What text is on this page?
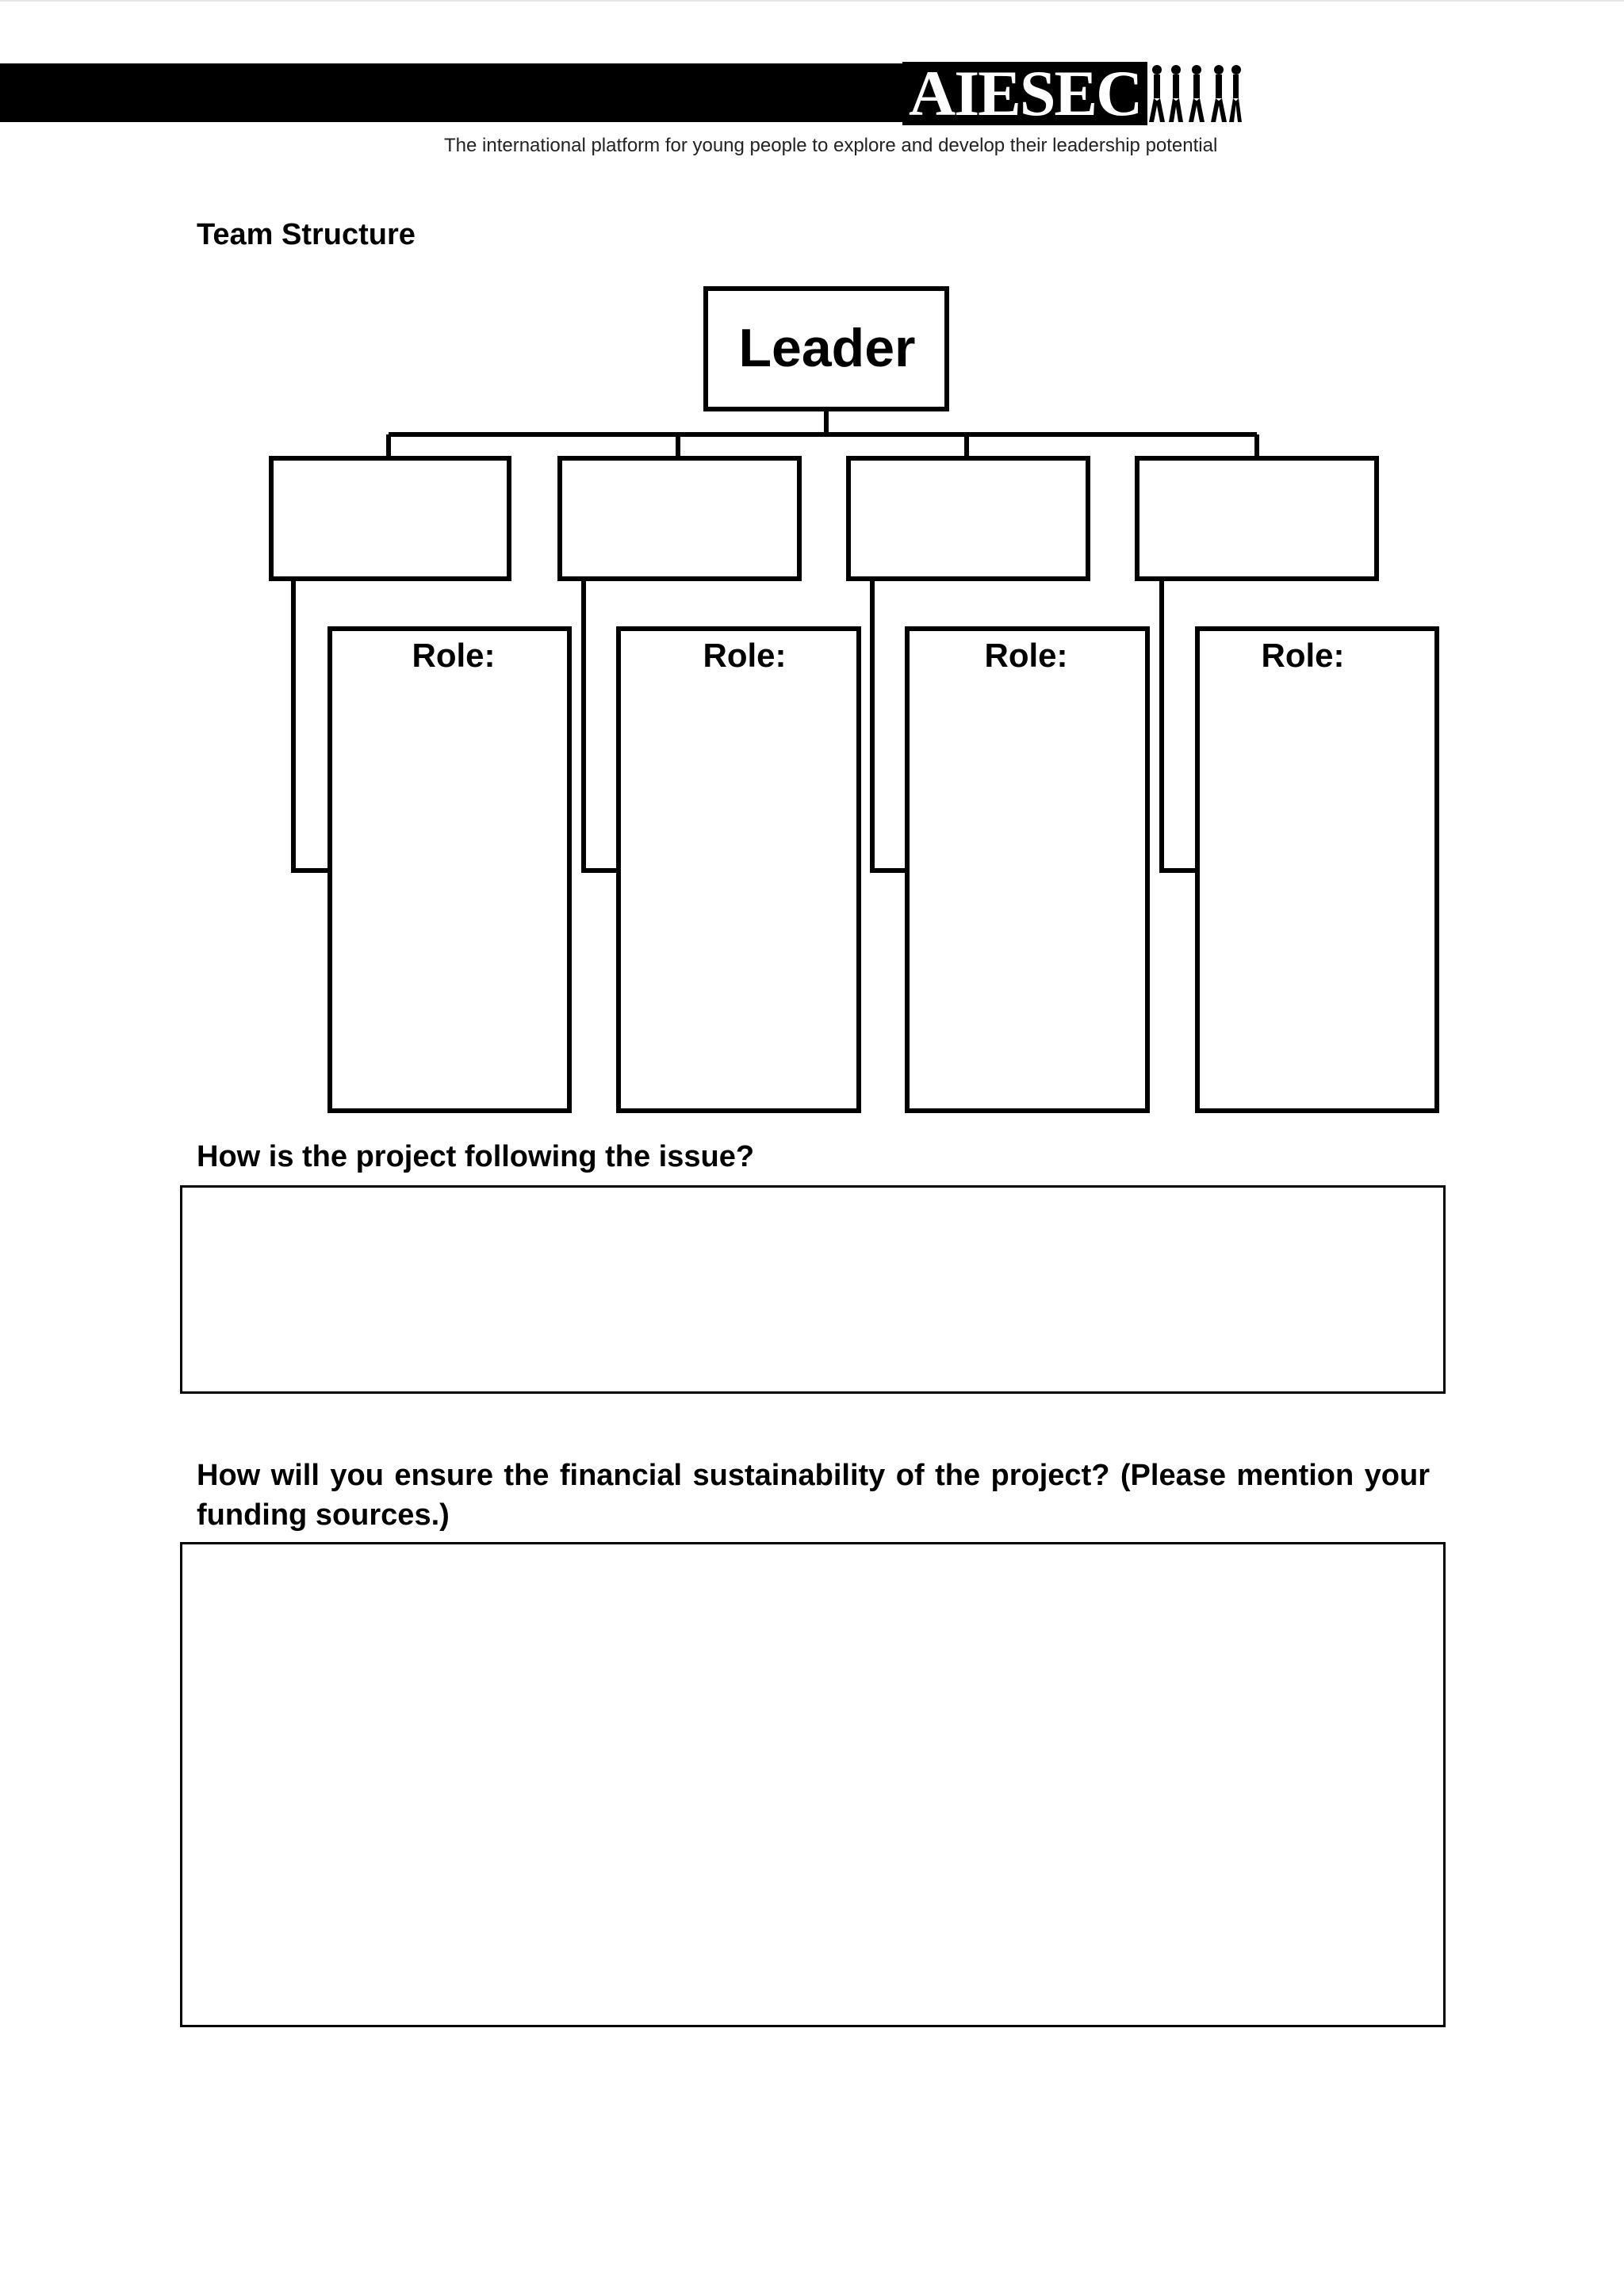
AIESEC
The international platform for young people to explore and develop their leadership potential
Team Structure
Leader
Role:	Role:	Role:	Role:
How is the project following the issue?
How will you ensure the financial sustainability of the project? (Please mention your funding sources.)
